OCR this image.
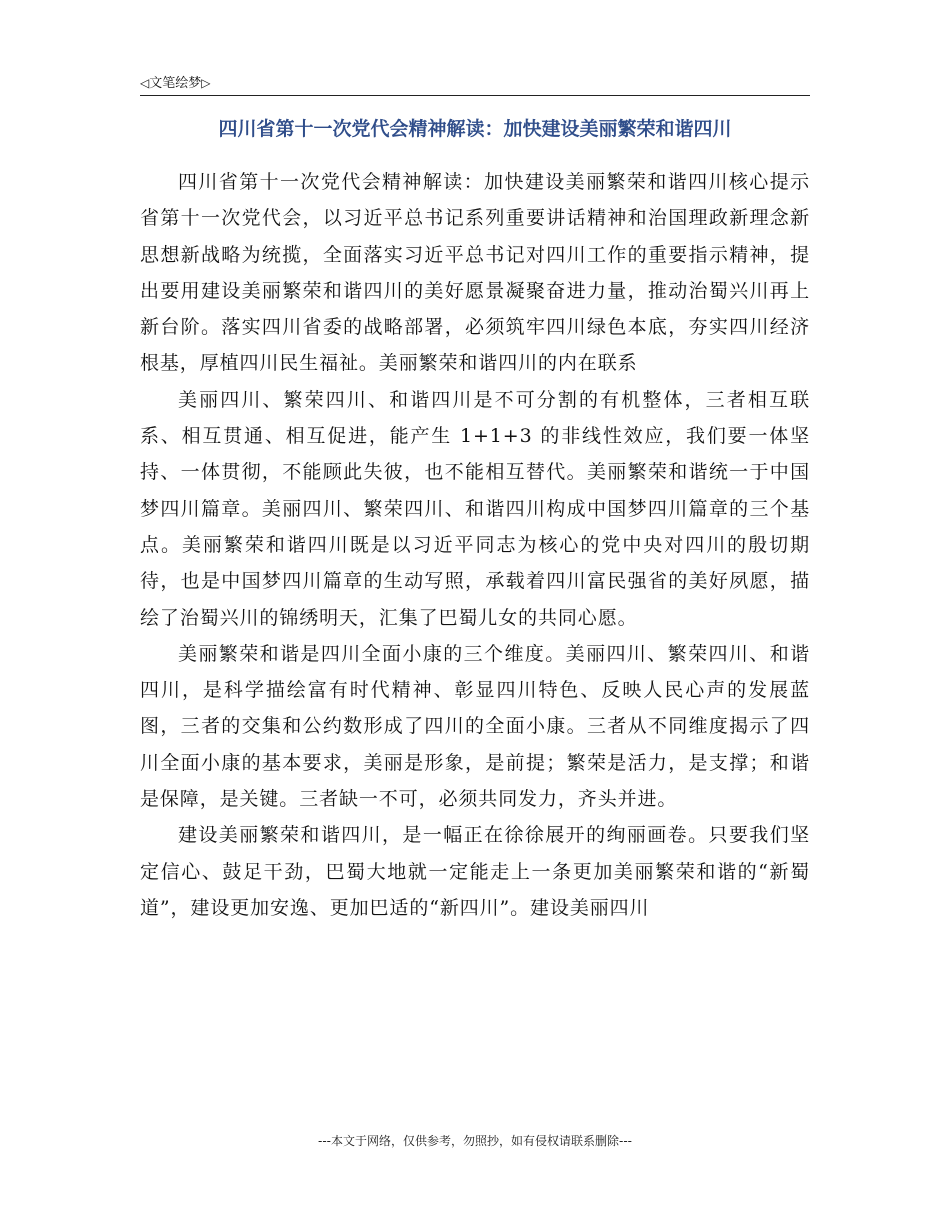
◁文笔绘梦▷
四川省第十一次党代会精神解读：加快建设美丽繁荣和谐四川

四川省第十一次党代会精神解读：加快建设美丽繁荣和谐四川核心提示省第十一次党代会，以习近平总书记系列重要讲话精神和治国理政新理念新思想新战略为统揽，全面落实习近平总书记对四川工作的重要指示精神，提出要用建设美丽繁荣和谐四川的美好愿景凝聚奋进力量，推动治蜀兴川再上新台阶。落实四川省委的战略部署，必须筑牢四川绿色本底，夯实四川经济根基，厚植四川民生福祉。美丽繁荣和谐四川的内在联系

美丽四川、繁荣四川、和谐四川是不可分割的有机整体，三者相互联系、相互贯通、相互促进，能产生 1+1+3 的非线性效应，我们要一体坚持、一体贯彻，不能顾此失彼，也不能相互替代。美丽繁荣和谐统一于中国梦四川篇章。美丽四川、繁荣四川、和谐四川构成中国梦四川篇章的三个基点。美丽繁荣和谐四川既是以习近平同志为核心的党中央对四川的殷切期待，也是中国梦四川篇章的生动写照，承载着四川富民强省的美好夙愿，描绘了治蜀兴川的锦绣明天，汇集了巴蜀儿女的共同心愿。

美丽繁荣和谐是四川全面小康的三个维度。美丽四川、繁荣四川、和谐四川，是科学描绘富有时代精神、彰显四川特色、反映人民心声的发展蓝图，三者的交集和公约数形成了四川的全面小康。三者从不同维度揭示了四川全面小康的基本要求，美丽是形象，是前提；繁荣是活力，是支撑；和谐是保障，是关键。三者缺一不可，必须共同发力，齐头并进。

建设美丽繁荣和谐四川，是一幅正在徐徐展开的绚丽画卷。只要我们坚定信心、鼓足干劲，巴蜀大地就一定能走上一条更加美丽繁荣和谐的“新蜀道”，建设更加安逸、更加巴适的“新四川”。建设美丽四川

---本文于网络，仅供参考，勿照抄，如有侵权请联系删除---
